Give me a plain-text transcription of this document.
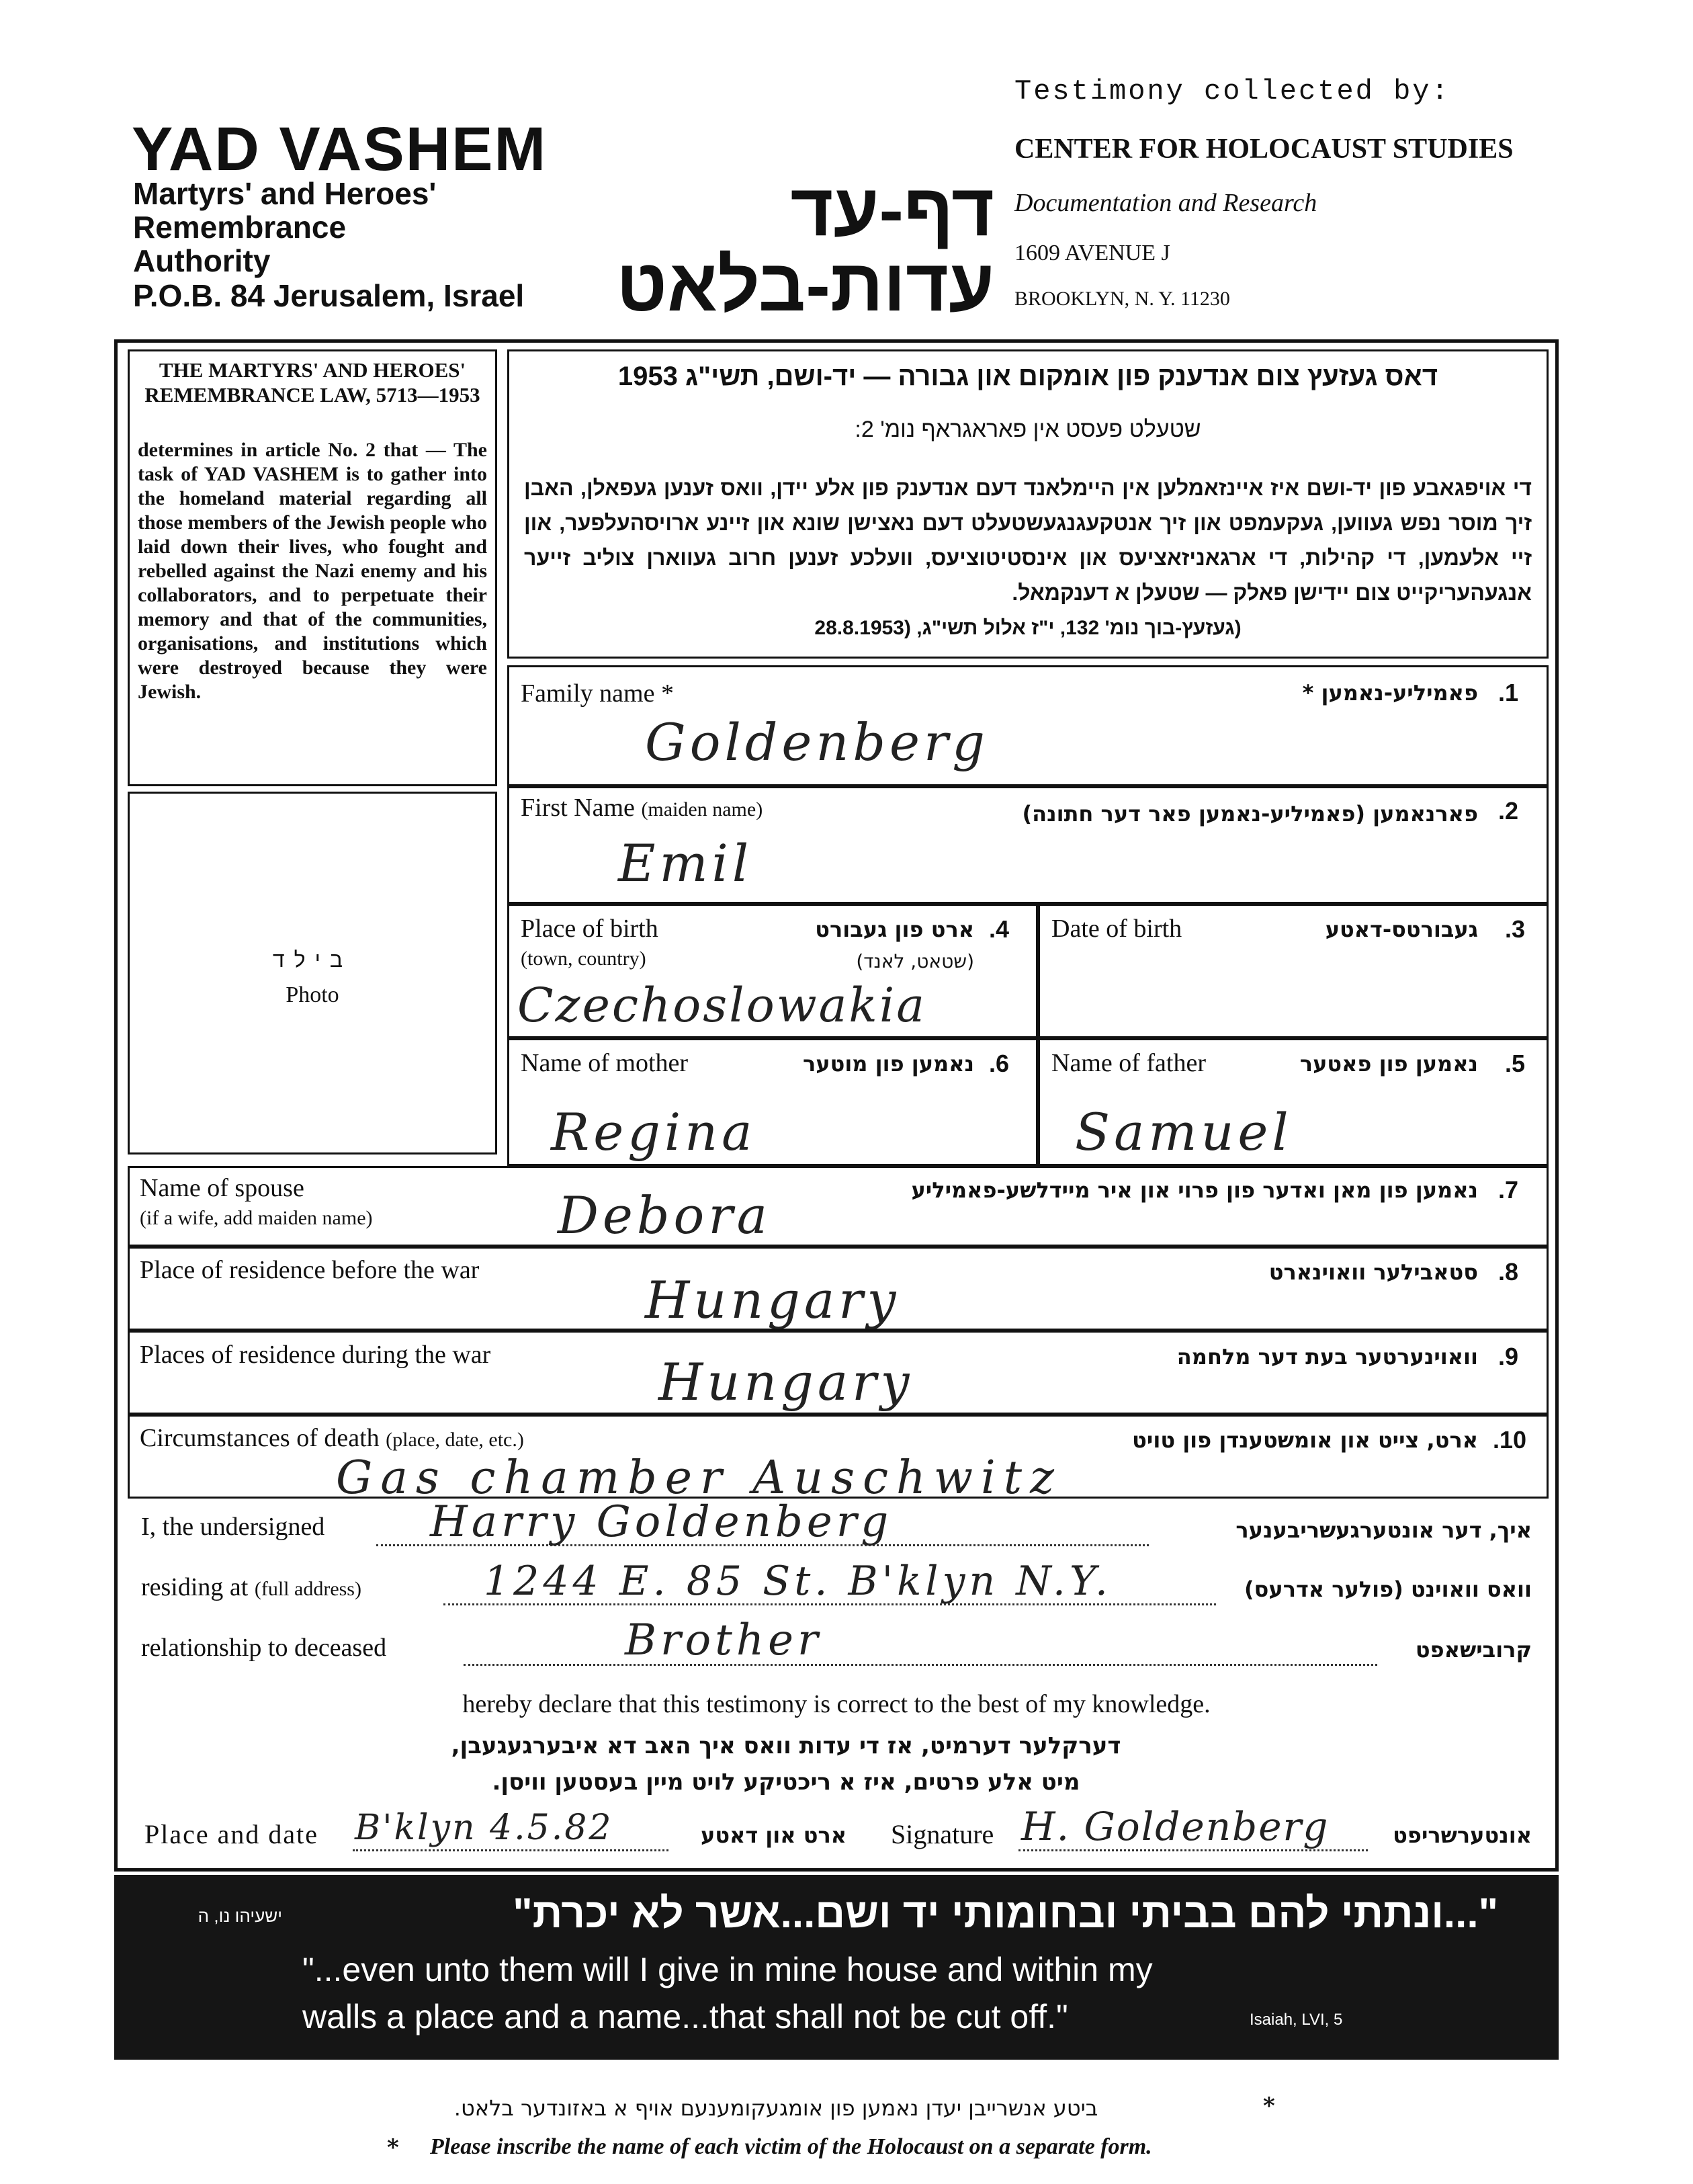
YAD VASHEM
Martyrs' and Heroes'
Remembrance
Authority
P.O.B. 84 Jerusalem, Israel
דף-עד
עדות-בלאט
Testimony collected by:
CENTER FOR HOLOCAUST STUDIES
Documentation and Research
1609 AVENUE J
BROOKLYN, N. Y. 11230
THE MARTYRS' AND HEROES' REMEMBRANCE LAW, 5713—1953
determines in article No. 2 that — The task of YAD VASHEM is to gather into the homeland material regarding all those members of the Jewish people who laid down their lives, who fought and rebelled against the Nazi enemy and his collaborators, and to perpetuate their memory and that of the communities, organisations, and institutions which were destroyed because they were Jewish.
בילד
Photo
דאס געזעץ צום אנדענק פון אומקום און גבורה — יד-ושם, תשי"ג 1953
שטעלט פעסט אין פאראגראף נומ' 2:
די אויפגאבע פון יד-ושם איז איינזאמלען אין היימלאנד דעם אנדענק פון אלע יידן, וואס זענען געפאלן, האבן זיך מוסר נפש געווען, געקעמפט און זיך אנטקעגנגעשטעלט דעם נאצישן שונא און זיינע ארויסהעלפער, און זיי אלעמען, די קהילות, די ארגאניזאציעס און אינסטיטוציעס, וועלכע זענען חרוב געווארן צוליב זייער אנגעהעריקייט צום יידישן פאלק — שטעלן א דענקמאל.
(געזעץ-בוך נומ' 132, י"ז אלול תשי"ג, (28.8.1953
Family name *	פאמיליע-נאמען * .1
Goldenberg
First Name (maiden name)	פארנאמען (פאמיליע-נאמען פאר דער חתונה) .2
Emil
Place of birth
(town, country)
ארט פון געבורט
(שטאט, לאנד)
.4
Czechoslowakia
Date of birth	געבורטס-דאטע .3
Name of mother	נאמען פון מוטער .6
Regina
Name of father	נאמען פון פאטער .5
Samuel
Name of spouse
(if a wife, add maiden name)
נאמען פון מאן ואדער פון פרוי און איר מיידלשע-פאמיליע .7
Debora
Place of residence before the war	סטאבילער וואוינארט .8
Hungary
Places of residence during the war	וואוינערטער בעת דער מלחמה .9
Hungary
Circumstances of death (place, date, etc.)	ארט, צייט און אומשטענדן פון טויט .10
Gas chamber Auschwitz
I, the undersigned Harry Goldenberg	איך, דער אונטערגעשריבענער
residing at (full address)	1244 E. 85 St. B'klyn N.Y.	וואס וואוינט (פולער אדרעס)
relationship to deceased	Brother	קרובישאפט
hereby declare that this testimony is correct to the best of my knowledge.
דערקלער דערמיט, אז די עדות וואס איך האב דא איבערגעגעבן,
מיט אלע פרטים, איז א ריכטיקע לויט מיין בעסטען וויסן.
Place and date B'klyn 4.5.82	ארט און דאטע Signature H. Goldenberg	אונטערשריפט
"...ונתתי להם בביתי ובחומותי יד ושם...אשר לא יכרת"
ישעיהו נו, ה
"...even unto them will I give in mine house and within my
walls a place and a name...that shall not be cut off."	Isaiah, LVI, 5
ביטע אנשרייבן יעדן נאמען פון אומגעקומענעם אויף א באזונדער בלאט.	*
* Please inscribe the name of each victim of the Holocaust on a separate form.
